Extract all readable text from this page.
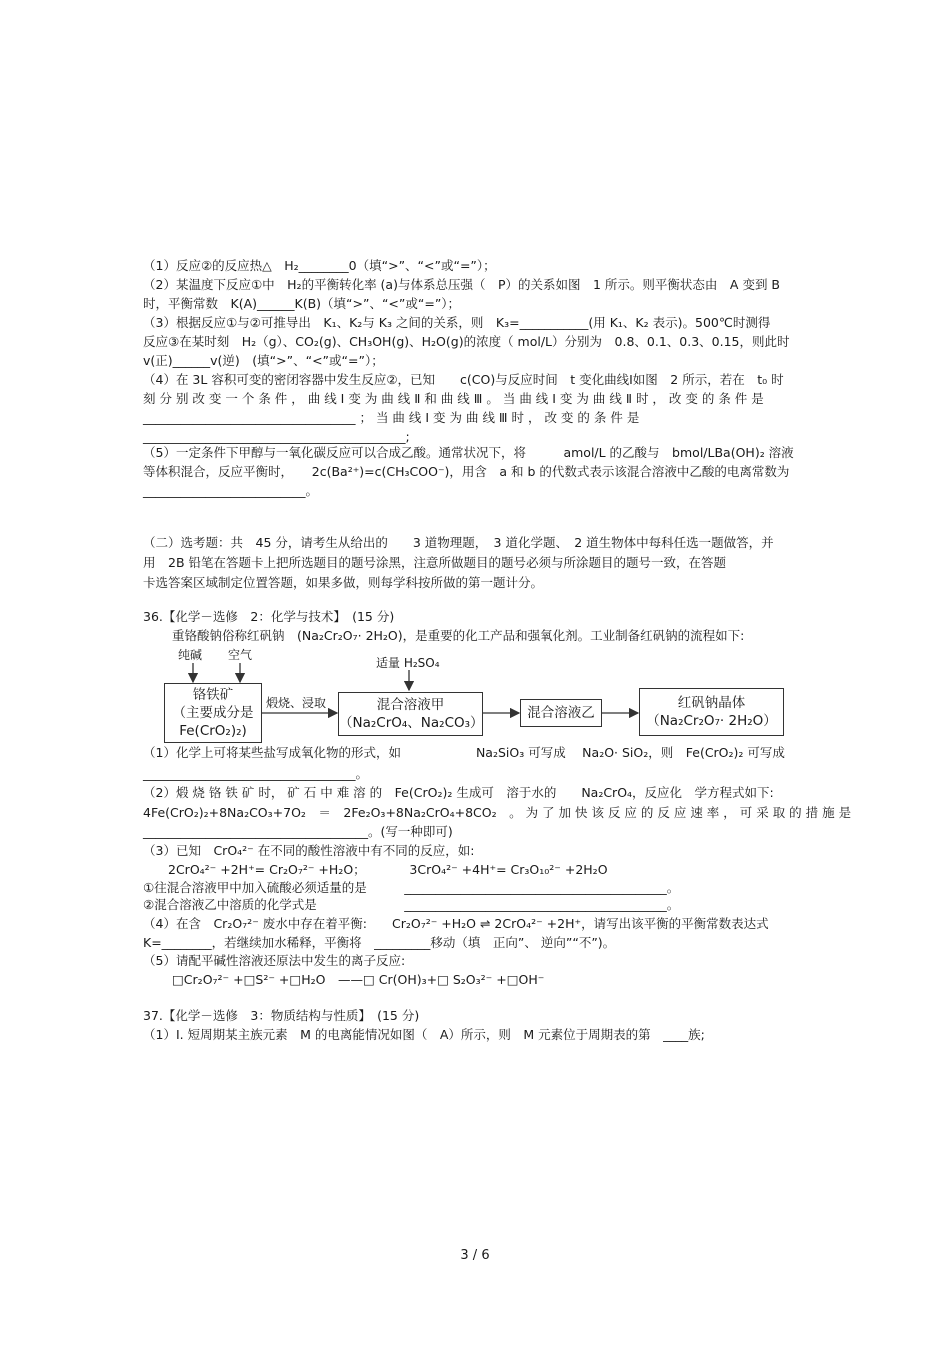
（1）反应②的反应热△　H₂________0（填“>”、“<”或“=”）；
（2）某温度下反应①中　H₂的平衡转化率 (a)与体系总压强（　P）的关系如图　1 所示。则平衡状态由　A 变到 B
时，平衡常数　K(A)______K(B)（填“>”、“<”或“=”）；
（3）根据反应①与②可推导出　K₁、K₂与 K₃ 之间的关系，则　K₃=___________(用 K₁、K₂ 表示)。500℃时测得
反应③在某时刻　H₂（g）、CO₂(g)、CH₃OH(g)、H₂O(g)的浓度（ mol/L）分别为　0.8、0.1、0.3、0.15，则此时
v(正)______v(逆)　(填“>”、“<”或“=”）；
（4）在 3L 容积可变的密闭容器中发生反应②，已知　　c(CO)与反应时间　t 变化曲线Ⅰ如图　2 所示，若在　t₀ 时
刻 分 别 改 变 一 个 条 件 ， 曲 线 Ⅰ 变 为 曲 线 Ⅱ 和 曲 线 Ⅲ 。 当 曲 线 Ⅰ 变 为 曲 线 Ⅱ 时 ， 改 变 的 条 件 是
__________________________________ ； 当 曲 线 Ⅰ 变 为 曲 线 Ⅲ 时 ， 改 变 的 条 件 是
__________________________________________;
（5）一定条件下甲醇与一氧化碳反应可以合成乙酸。通常状况下，将　　　amol/L 的乙酸与　bmol/LBa(OH)₂ 溶液
等体积混合，反应平衡时，　　2c(Ba²⁺)=c(CH₃COO⁻)，用含　a 和 b 的代数式表示该混合溶液中乙酸的电离常数为
__________________________。
（二）选考题：共　45 分，请考生从给出的　　3 道物理题，　3 道化学题、　2 道生物体中每科任选一题做答，并
用　2B 铅笔在答题卡上把所选题目的题号涂黑，注意所做题目的题号必须与所涂题目的题号一致，在答题
卡选答案区域制定位置答题，如果多做，则每学科按所做的第一题计分。
36.【化学－选修　2：化学与技术】　(15 分)
重铬酸钠俗称红矾钠　(Na₂Cr₂O₇· 2H₂O)，是重要的化工产品和强氧化剂。工业制备红矾钠的流程如下:
纯碱 空气
适量 H₂SO₄
煅烧、浸取
铬铁矿
（主要成分是
Fe(CrO₂)₂)
混合溶液甲
（Na₂CrO₄、Na₂CO₃）
混合溶液乙
红矾钠晶体
（Na₂Cr₂O₇· 2H₂O）
（1）化学上可将某些盐写成氧化物的形式，如　　　　　　Na₂SiO₃ 可写成　 Na₂O· SiO₂，则　Fe(CrO₂)₂ 可写成
__________________________________。
（2）煅 烧 铬 铁 矿 时， 矿 石 中 难 溶 的　Fe(CrO₂)₂ 生成可　溶于水的　　Na₂CrO₄，反应化　学方程式如下:
4Fe(CrO₂)₂+8Na₂CO₃+7O₂　＝　2Fe₂O₃+8Na₂CrO₄+8CO₂　。 为 了 加 快 该 反 应 的 反 应 速 率 ， 可 采 取 的 措 施 是
____________________________________。(写一种即可)
（3）已知　CrO₄²⁻ 在不同的酸性溶液中有不同的反应，如:
　　2CrO₄²⁻ +2H⁺= Cr₂O₇²⁻ +H₂O；　　　　3CrO₄²⁻ +4H⁺= Cr₃O₁₀²⁻ +2H₂O
①往混合溶液甲中加入硫酸必须适量的是　　　__________________________________________。
②混合溶液乙中溶质的化学式是　　　　　　　__________________________________________。
（4）在含　Cr₂O₇²⁻ 废水中存在着平衡:　　Cr₂O₇²⁻ +H₂O ⇌ 2CrO₄²⁻ +2H⁺，请写出该平衡的平衡常数表达式
K=________，若继续加水稀释，平衡将　_________移动（填　正向”、 逆向”“不”)。
（5）请配平碱性溶液还原法中发生的离子反应:
□Cr₂O₇²⁻ +□S²⁻ +□H₂O　——□ Cr(OH)₃+□ S₂O₃²⁻ +□OH⁻
37.【化学－选修　3：物质结构与性质】　(15 分)
（1）I. 短周期某主族元素　M 的电离能情况如图（　A）所示，则　M 元素位于周期表的第　____族;
3 / 6
